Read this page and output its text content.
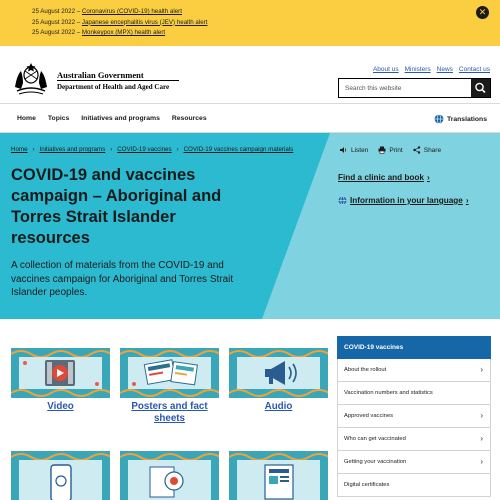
25 August 2022 – Coronavirus (COVID-19) health alert
25 August 2022 – Japanese encephalitis virus (JEV) health alert
25 August 2022 – Monkeypox (MPX) health alert
✕
Australian Government
Department of Health and Aged Care
About us Ministers News Contact us
Search this website
Home Topics Initiatives and programs Resources	Translations
Home › Initiatives and programs › COVID-19 vaccines › COVID-19 vaccines campaign materials	Listen	Print	Share
COVID-19 and vaccines campaign – Aboriginal and Torres Strait Islander resources

A collection of materials from the COVID-19 and vaccines campaign for Aboriginal and Torres Strait Islander peoples.

Find a clinic and book ›
Information in your language ›
Video	Posters and fact sheets
Audio
COVID-19 vaccines
About the rollout	›
Vaccination numbers and statistics
Approved vaccines	›
Who can get vaccinated	›
Getting your vaccination	›
Digital certificates
